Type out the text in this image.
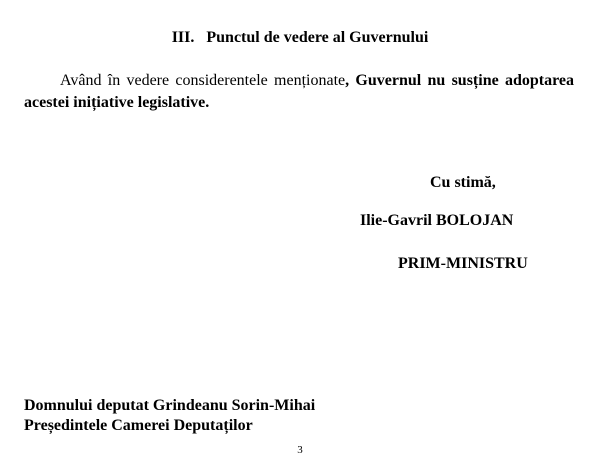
III. Punctul de vedere al Guvernului
Având în vedere considerentele menționate, Guvernul nu susține adoptarea acestei inițiative legislative.
Cu stimă,
Ilie-Gavril BOLOJAN
PRIM-MINISTRU
Domnului deputat Grindeanu Sorin-Mihai
Președintele Camerei Deputaților
3
